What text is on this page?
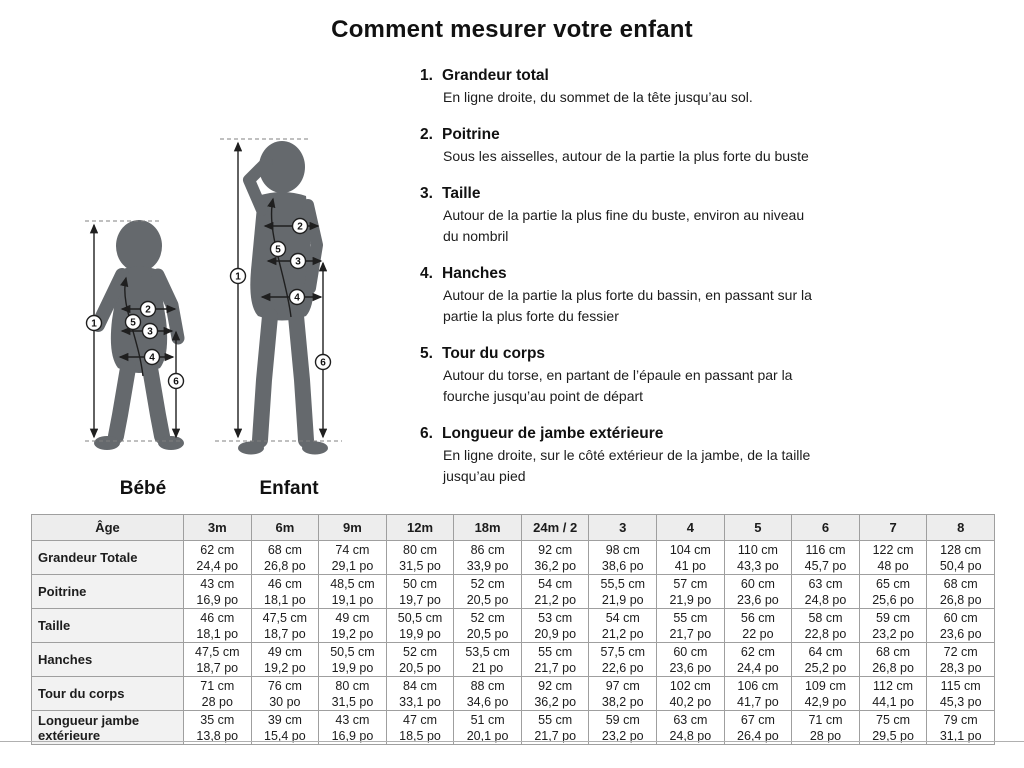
Comment mesurer votre enfant
1
2
3
4
5
6
1
2
3
4
5
6
Bébé	Enfant
1. Grandeur total
En ligne droite, du sommet de la tête jusqu’au sol.
2. Poitrine
Sous les aisselles, autour de la partie la plus forte du buste
3. Taille
Autour de la partie la plus fine du buste, environ au niveau du nombril
4. Hanches
Autour de la partie la plus forte du bassin, en passant sur la partie la plus forte du fessier
5. Tour du corps
Autour du torse, en partant de l’épaule en passant par la fourche jusqu’au point de départ
6. Longueur de jambe extérieure
En ligne droite, sur le côté extérieur de la jambe, de la taille jusqu’au pied
Âge	3m	6m	9m	12m	18m	24m / 2	3	4	5	6	7	8
Grandeur Totale	
62 cm
24,4 po

68 cm
26,8 po

74 cm
29,1 po

80 cm
31,5 po

86 cm
33,9 po

92 cm
36,2 po

98 cm
38,6 po

104 cm
41 po

110 cm
43,3 po

116 cm
45,7 po

122 cm
48 po

128 cm
50,4 po

Poitrine	
43 cm
16,9 po

46 cm
18,1 po

48,5 cm
19,1 po

50 cm
19,7 po

52 cm
20,5 po

54 cm
21,2 po

55,5 cm
21,9 po

57 cm
21,9 po

60 cm
23,6 po

63 cm
24,8 po

65 cm
25,6 po

68 cm
26,8 po

Taille	
46 cm
18,1 po

47,5 cm
18,7 po

49 cm
19,2 po

50,5 cm
19,9 po

52 cm
20,5 po

53 cm
20,9 po

54 cm
21,2 po

55 cm
21,7 po

56 cm
22 po

58 cm
22,8 po

59 cm
23,2 po

60 cm
23,6 po

Hanches	
47,5 cm
18,7 po

49 cm
19,2 po

50,5 cm
19,9 po

52 cm
20,5 po

53,5 cm
21 po

55 cm
21,7 po

57,5 cm
22,6 po

60 cm
23,6 po

62 cm
24,4 po

64 cm
25,2 po

68 cm
26,8 po

72 cm
28,3 po

Tour du corps	
71 cm
28 po

76 cm
30 po

80 cm
31,5 po

84 cm
33,1 po

88 cm
34,6 po

92 cm
36,2 po

97 cm
38,2 po

102 cm
40,2 po

106 cm
41,7 po

109 cm
42,9 po

112 cm
44,1 po

115 cm
45,3 po

Longueur jambe extérieure	
35 cm
13,8 po

39 cm
15,4 po

43 cm
16,9 po

47 cm
18,5 po

51 cm
20,1 po

55 cm
21,7 po

59 cm
23,2 po

63 cm
24,8 po

67 cm
26,4 po

71 cm
28 po

75 cm
29,5 po

79 cm
31,1 po
